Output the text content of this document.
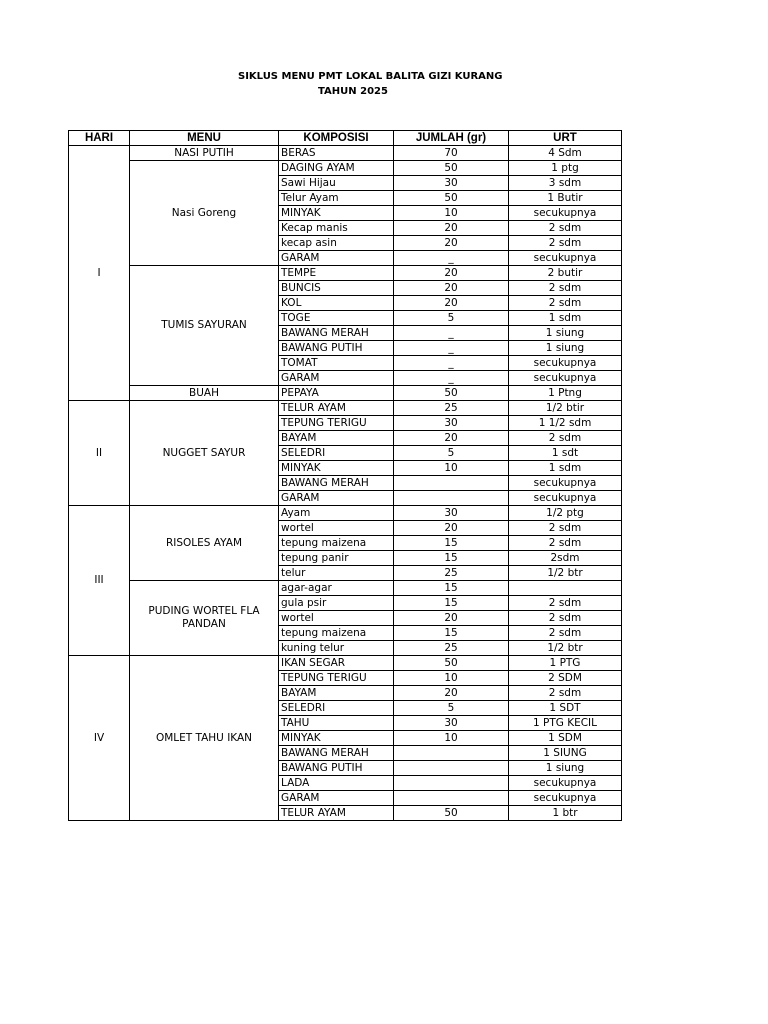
SIKLUS MENU PMT LOKAL BALITA GIZI KURANG
TAHUN 2025
HARI	MENU	KOMPOSISI	JUMLAH (gr)	URT
I	NASI PUTIH	BERAS	70	4 Sdm
	Nasi Goreng	DAGING AYAM	50	1 ptg
		Sawi Hijau	30	3 sdm
		Telur Ayam	50	1 Butir
		MINYAK	10	secukupnya
		Kecap manis	20	2 sdm
		kecap asin	20	2 sdm
		GARAM	_	secukupnya
	TUMIS SAYURAN	TEMPE	20	2 butir
		BUNCIS	20	2 sdm
		KOL	20	2 sdm
		TOGE	5	1 sdm
		BAWANG MERAH	_	1 siung
		BAWANG PUTIH	_	1 siung
		TOMAT	_	secukupnya
		GARAM	_	secukupnya
	BUAH	PEPAYA	50	1 Ptng
II	NUGGET SAYUR	TELUR AYAM	25	1/2 btir
		TEPUNG TERIGU	30	1 1/2 sdm
		BAYAM	20	2 sdm
		SELEDRI	5	1 sdt
		MINYAK	10	1 sdm
		BAWANG MERAH		secukupnya
		GARAM		secukupnya
III	RISOLES AYAM	Ayam	30	1/2 ptg
		wortel	20	2 sdm
		tepung maizena	15	2 sdm
		tepung panir	15	2sdm
		telur	25	1/2 btr
	PUDING WORTEL FLA PANDAN	agar-agar	15	
		gula psir	15	2 sdm
		wortel	20	2 sdm
		tepung maizena	15	2 sdm
		kuning telur	25	1/2 btr
IV	OMLET TAHU IKAN	IKAN SEGAR	50	1 PTG
		TEPUNG TERIGU	10	2 SDM
		BAYAM	20	2 sdm
		SELEDRI	5	1 SDT
		TAHU	30	1 PTG KECIL
		MINYAK	10	1 SDM
		BAWANG MERAH		1 SIUNG
		BAWANG PUTIH		1 siung
		LADA		secukupnya
		GARAM		secukupnya
		TELUR AYAM	50	1 btr
